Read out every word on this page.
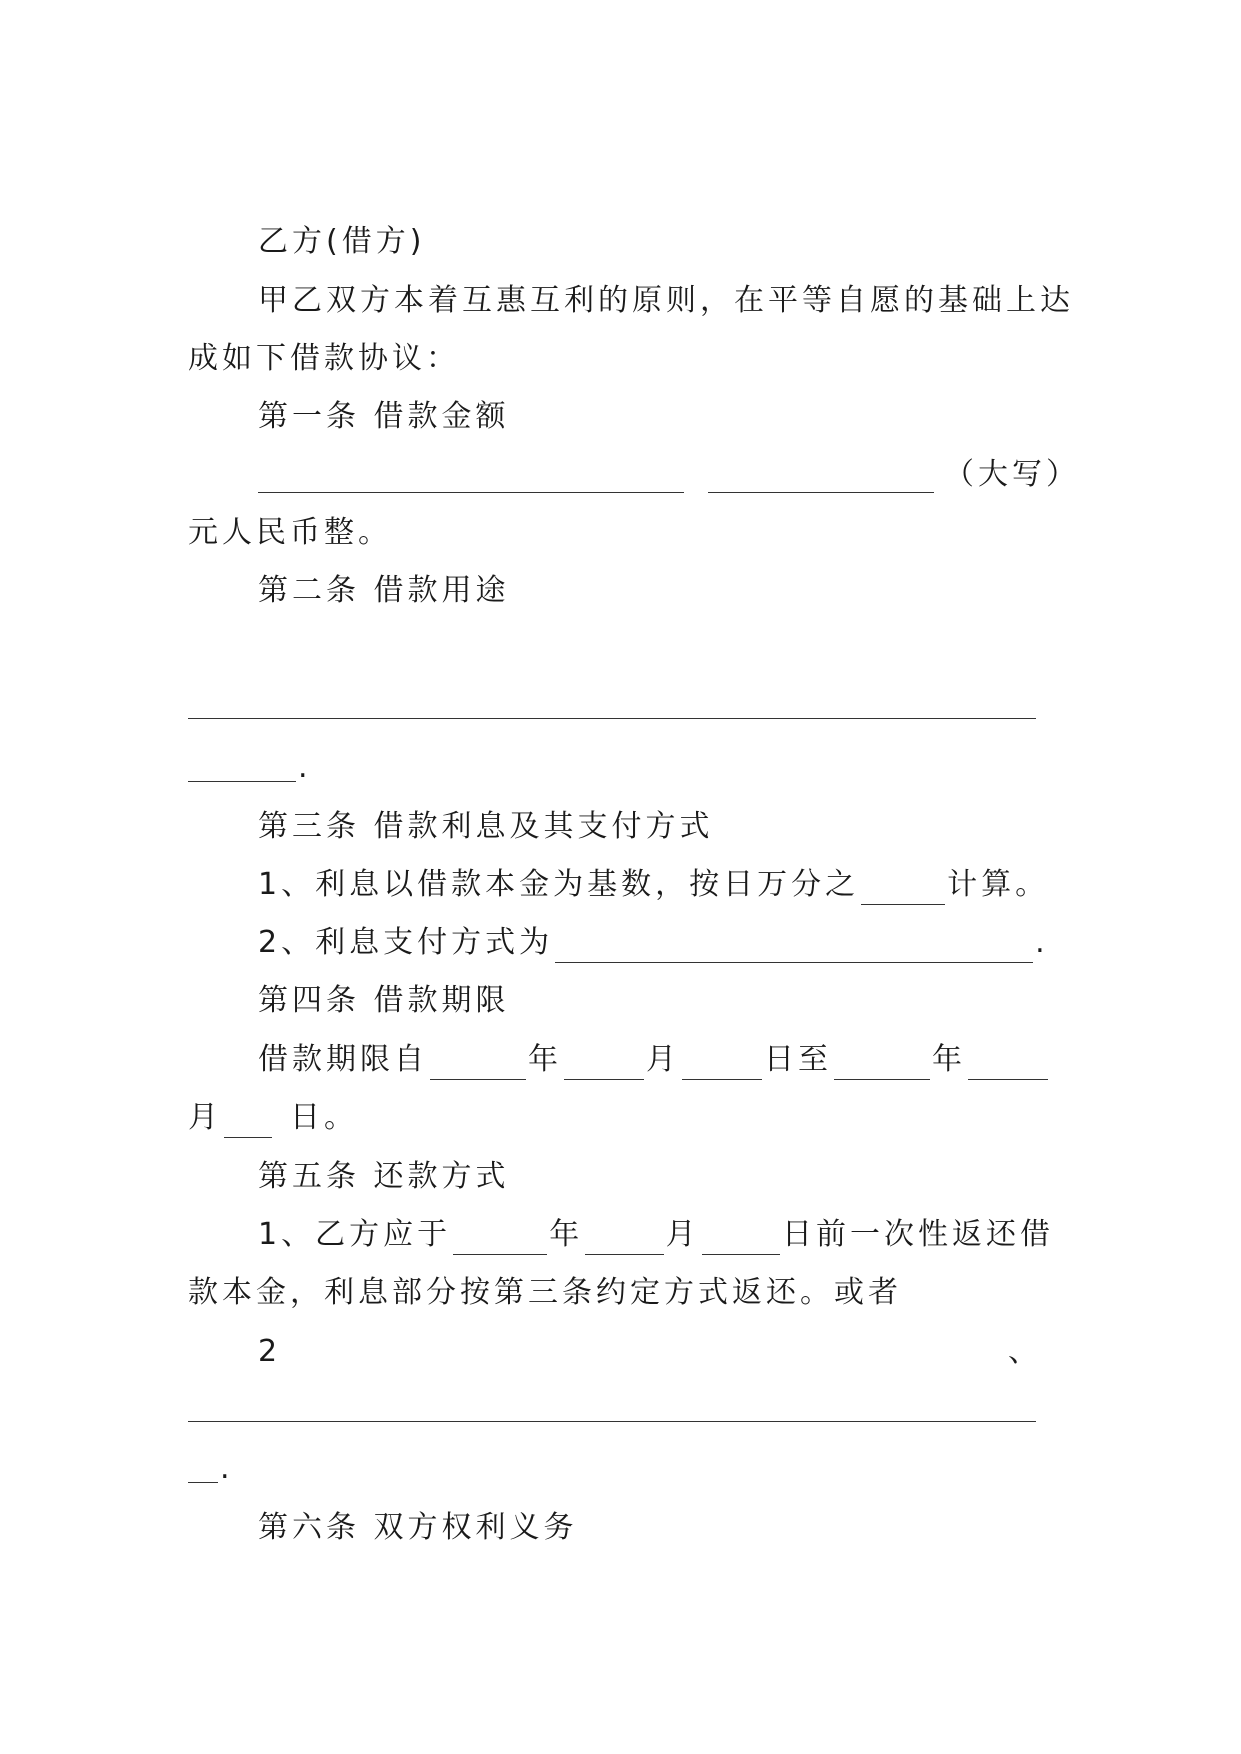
乙方(借方)
甲乙双方本着互惠互利的原则，在平等自愿的基础上达
成如下借款协议：
第一条 借款金额
（大写）
元人民币整。
第二条 借款用途
.
第三条 借款利息及其支付方式
1、利息以借款本金为基数，按日万分之	计算。
2、利息支付方式为	.
第四条 借款期限
借款期限自	年	月	日至	年
月 日。
第五条 还款方式
1、乙方应于	年	月	日前一次性返还借
款本金，利息部分按第三条约定方式返还。或者
2	、
.
第六条 双方权利义务
